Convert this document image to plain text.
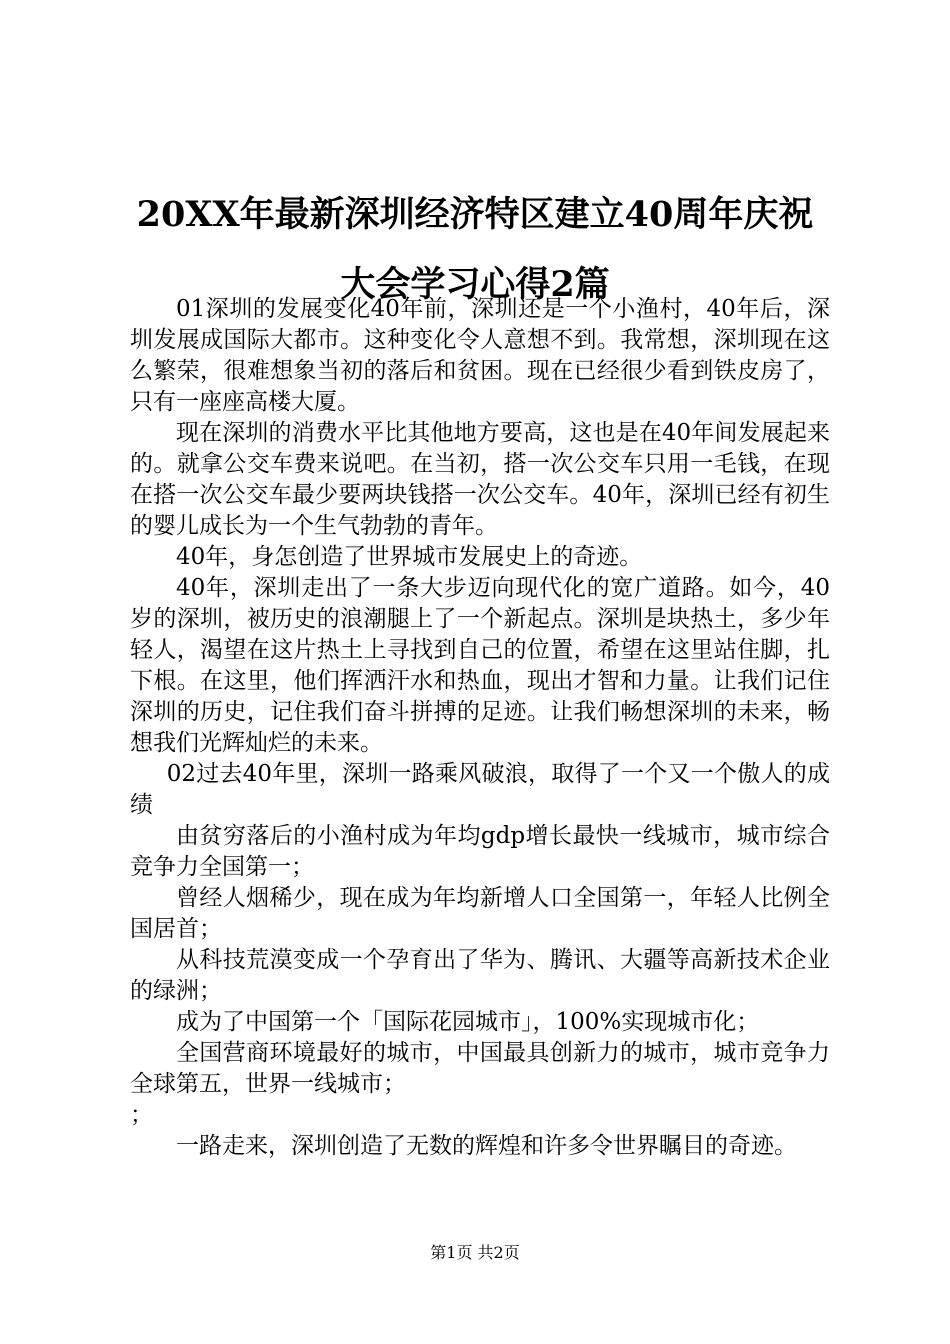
20XX年最新深圳经济特区建立40周年庆祝大会学习心得2篇

01深圳的发展变化40年前，深圳还是一个小渔村，40年后，深圳发展成国际大都市。这种变化令人意想不到。我常想，深圳现在这么繁荣，很难想象当初的落后和贫困。现在已经很少看到铁皮房了，只有一座座高楼大厦。

现在深圳的消费水平比其他地方要高，这也是在40年间发展起来的。就拿公交车费来说吧。在当初，搭一次公交车只用一毛钱，在现在搭一次公交车最少要两块钱搭一次公交车。40年，深圳已经有初生的婴儿成长为一个生气勃勃的青年。

40年，身怎创造了世界城市发展史上的奇迹。

40年，深圳走出了一条大步迈向现代化的宽广道路。如今，40岁的深圳，被历史的浪潮腿上了一个新起点。深圳是块热土，多少年轻人，渴望在这片热土上寻找到自己的位置，希望在这里站住脚，扎下根。在这里，他们挥洒汗水和热血，现出才智和力量。让我们记住深圳的历史，记住我们奋斗拼搏的足迹。让我们畅想深圳的未来，畅想我们光辉灿烂的未来。

02过去40年里，深圳一路乘风破浪，取得了一个又一个傲人的成绩

由贫穷落后的小渔村成为年均gdp增长最快一线城市，城市综合竞争力全国第一；

曾经人烟稀少，现在成为年均新增人口全国第一，年轻人比例全国居首；

从科技荒漠变成一个孕育出了华为、腾讯、大疆等高新技术企业的绿洲；

成为了中国第一个「国际花园城市」，100%实现城市化；

全国营商环境最好的城市，中国最具创新力的城市，城市竞争力全球第五，世界一线城市；

；

一路走来，深圳创造了无数的辉煌和许多令世界瞩目的奇迹。

第1页 共2页
